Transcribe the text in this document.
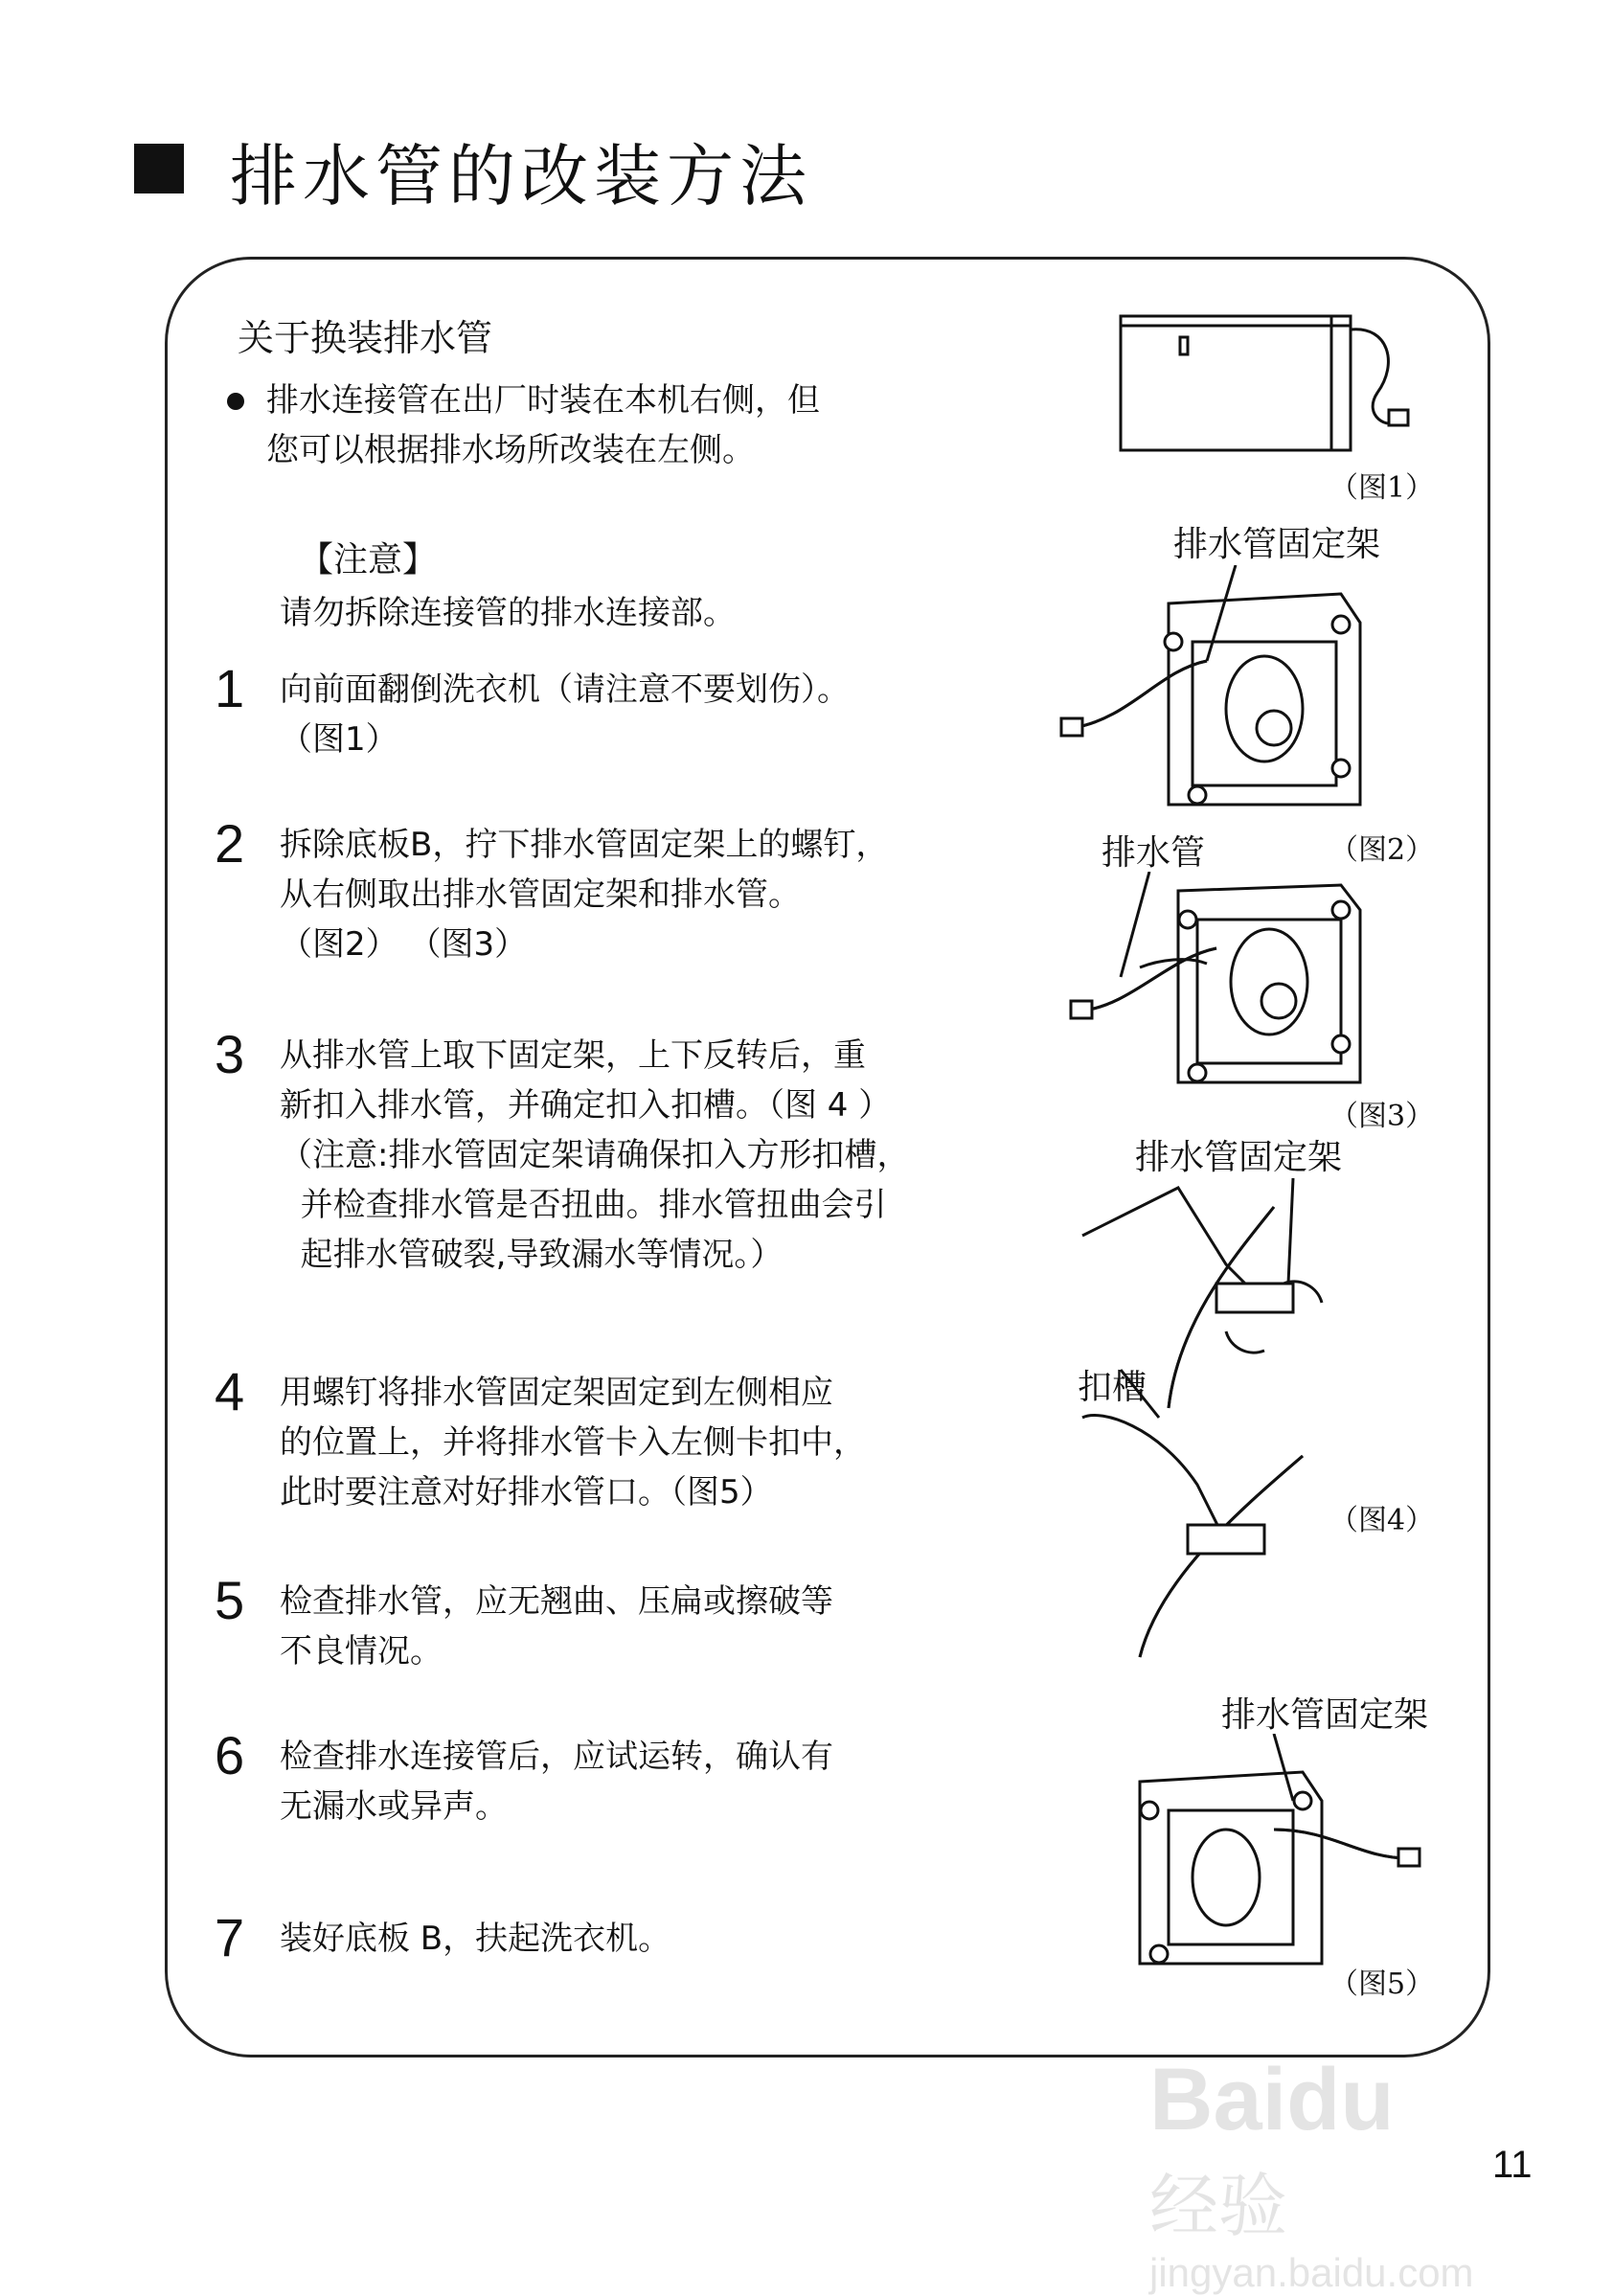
排水管的改装方法
关于换装排水管
排水连接管在出厂时装在本机右侧，但
您可以根据排水场所改装在左侧。
【注意】
请勿拆除连接管的排水连接部。
1 向前面翻倒洗衣机（请注意不要划伤）。
（图1）
2 拆除底板B，拧下排水管固定架上的螺钉，
从右侧取出排水管固定架和排水管。
（图2） （图3）
3 从排水管上取下固定架，上下反转后，重
新扣入排水管，并确定扣入扣槽。（图 4 ）
（注意:排水管固定架请确保扣入方形扣槽，
并检查排水管是否扭曲。排水管扭曲会引
起排水管破裂,导致漏水等情况。）
4 用螺钉将排水管固定架固定到左侧相应
的位置上，并将排水管卡入左侧卡扣中，
此时要注意对好排水管口。（图5）
5 检查排水管，应无翘曲、压扁或擦破等
不良情况。
6 检查排水连接管后，应试运转，确认有
无漏水或异声。
7 装好底板 B，扶起洗衣机。
（图1）
排水管固定架
（图2）
排水管
（图3）
排水管固定架
扣槽
（图4）
排水管固定架
（图5）
Baidu 经验
jingyan.baidu.com
11
